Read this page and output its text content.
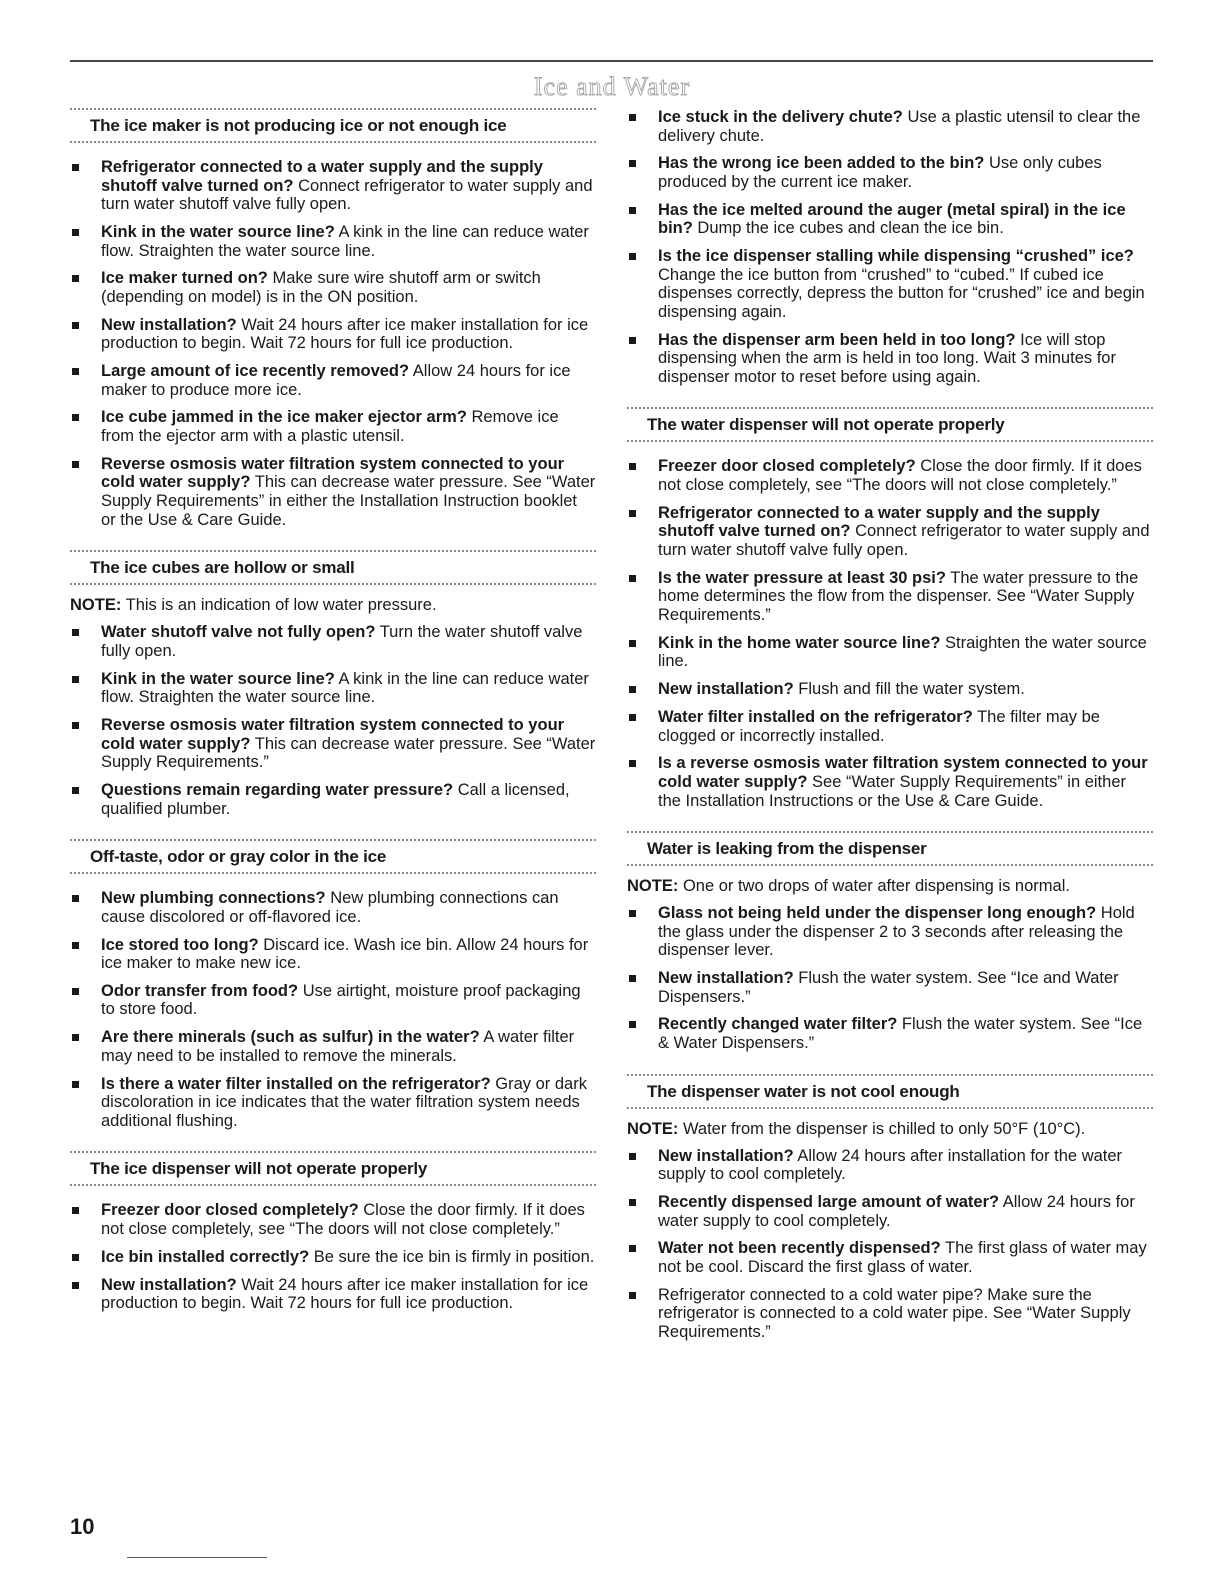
Ice and Water
The ice maker is not producing ice or not enough ice
Refrigerator connected to a water supply and the supply shutoff valve turned on? Connect refrigerator to water supply and turn water shutoff valve fully open.
Kink in the water source line? A kink in the line can reduce water flow. Straighten the water source line.
Ice maker turned on? Make sure wire shutoff arm or switch (depending on model) is in the ON position.
New installation? Wait 24 hours after ice maker installation for ice production to begin. Wait 72 hours for full ice production.
Large amount of ice recently removed? Allow 24 hours for ice maker to produce more ice.
Ice cube jammed in the ice maker ejector arm? Remove ice from the ejector arm with a plastic utensil.
Reverse osmosis water filtration system connected to your cold water supply? This can decrease water pressure. See “Water Supply Requirements” in either the Installation Instruction booklet or the Use & Care Guide.
The ice cubes are hollow or small
NOTE: This is an indication of low water pressure.
Water shutoff valve not fully open? Turn the water shutoff valve fully open.
Kink in the water source line? A kink in the line can reduce water flow. Straighten the water source line.
Reverse osmosis water filtration system connected to your cold water supply? This can decrease water pressure. See “Water Supply Requirements.”
Questions remain regarding water pressure? Call a licensed, qualified plumber.
Off-taste, odor or gray color in the ice
New plumbing connections? New plumbing connections can cause discolored or off-flavored ice.
Ice stored too long? Discard ice. Wash ice bin. Allow 24 hours for ice maker to make new ice.
Odor transfer from food? Use airtight, moisture proof packaging to store food.
Are there minerals (such as sulfur) in the water? A water filter may need to be installed to remove the minerals.
Is there a water filter installed on the refrigerator? Gray or dark discoloration in ice indicates that the water filtration system needs additional flushing.
The ice dispenser will not operate properly
Freezer door closed completely? Close the door firmly. If it does not close completely, see “The doors will not close completely.”
Ice bin installed correctly? Be sure the ice bin is firmly in position.
New installation? Wait 24 hours after ice maker installation for ice production to begin. Wait 72 hours for full ice production.
Ice stuck in the delivery chute? Use a plastic utensil to clear the delivery chute.
Has the wrong ice been added to the bin? Use only cubes produced by the current ice maker.
Has the ice melted around the auger (metal spiral) in the ice bin? Dump the ice cubes and clean the ice bin.
Is the ice dispenser stalling while dispensing “crushed” ice? Change the ice button from “crushed” to “cubed.” If cubed ice dispenses correctly, depress the button for “crushed” ice and begin dispensing again.
Has the dispenser arm been held in too long? Ice will stop dispensing when the arm is held in too long. Wait 3 minutes for dispenser motor to reset before using again.
The water dispenser will not operate properly
Freezer door closed completely? Close the door firmly. If it does not close completely, see “The doors will not close completely.”
Refrigerator connected to a water supply and the supply shutoff valve turned on? Connect refrigerator to water supply and turn water shutoff valve fully open.
Is the water pressure at least 30 psi? The water pressure to the home determines the flow from the dispenser. See “Water Supply Requirements.”
Kink in the home water source line? Straighten the water source line.
New installation? Flush and fill the water system.
Water filter installed on the refrigerator? The filter may be clogged or incorrectly installed.
Is a reverse osmosis water filtration system connected to your cold water supply? See “Water Supply Requirements” in either the Installation Instructions or the Use & Care Guide.
Water is leaking from the dispenser
NOTE: One or two drops of water after dispensing is normal.
Glass not being held under the dispenser long enough? Hold the glass under the dispenser 2 to 3 seconds after releasing the dispenser lever.
New installation? Flush the water system. See “Ice and Water Dispensers.”
Recently changed water filter? Flush the water system. See “Ice & Water Dispensers.”
The dispenser water is not cool enough
NOTE: Water from the dispenser is chilled to only 50°F (10°C).
New installation? Allow 24 hours after installation for the water supply to cool completely.
Recently dispensed large amount of water? Allow 24 hours for water supply to cool completely.
Water not been recently dispensed? The first glass of water may not be cool. Discard the first glass of water.
Refrigerator connected to a cold water pipe? Make sure the refrigerator is connected to a cold water pipe. See “Water Supply Requirements.”
10
